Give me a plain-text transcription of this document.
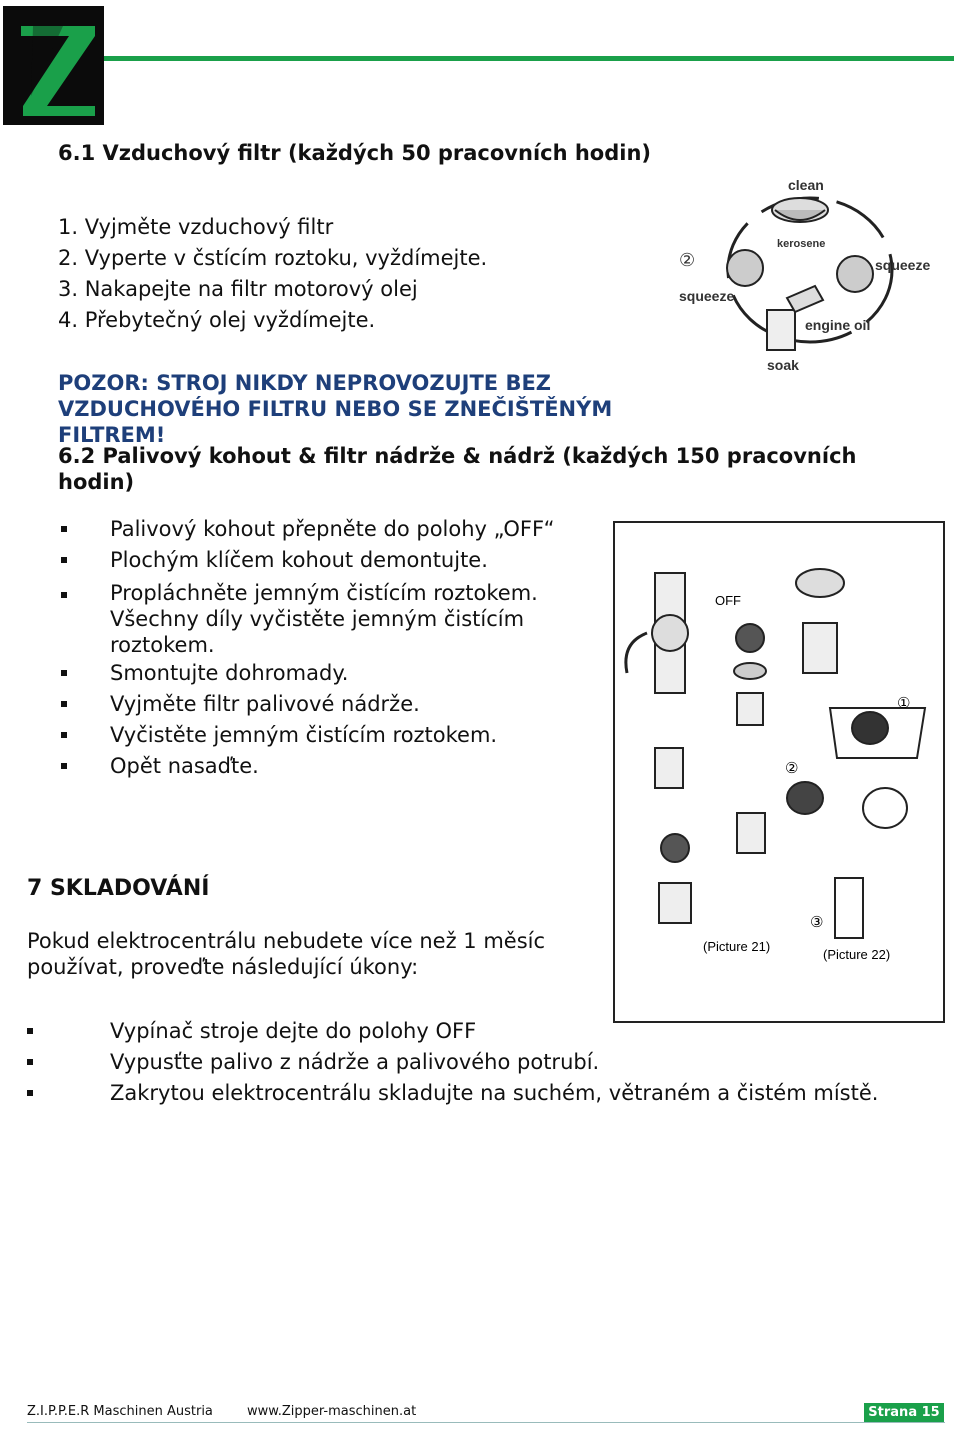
6.1 Vzduchový filtr (každých 50 pracovních hodin)
1. Vyjměte vzduchový filtr
2. Vyperte v čstícím roztoku, vyždímejte.
3. Nakapejte na filtr motorový olej
4. Přebytečný olej vyždímejte.
POZOR: STROJ NIKDY NEPROVOZUJTE BEZ VZDUCHOVÉHO FILTRU NEBO SE ZNEČIŠTĚNÝM FILTREM!
clean
kerosene
squeeze
squeeze
engine oil
soak
②
6.2 Palivový kohout & filtr nádrže & nádrž (každých 150 pracovních hodin)
Palivový kohout přepněte do polohy „OFF“
Plochým klíčem kohout demontujte.
Propláchněte jemným čistícím roztokem. Všechny díly vyčistěte jemným čistícím roztokem.
Smontujte dohromady.
Vyjměte filtr palivové nádrže.
Vyčistěte jemným čistícím roztokem.
Opět nasaďte.
OFF
①
②
③
(Picture 21)
(Picture 22)
7 SKLADOVÁNÍ
Pokud elektrocentrálu nebudete více než 1 měsíc používat, proveďte následující úkony:
Vypínač stroje dejte do polohy OFF
Vypusťte palivo z nádrže a palivového potrubí.
Zakrytou elektrocentrálu skladujte na suchém, větraném a čistém místě.
Z.I.P.P.E.R Maschinen Austria	www.Zipper-maschinen.at	Strana 15
